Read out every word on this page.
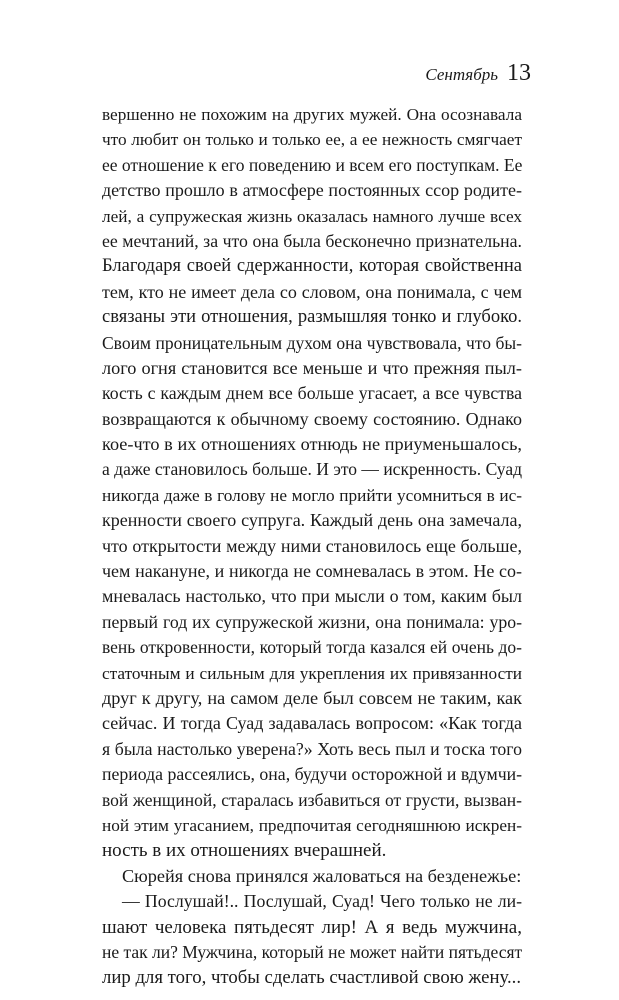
Сентябрь 13
вершенно не похожим на других мужей. Она осознавала
что любит он только и только ее, а ее нежность смягчает
ее отношение к его поведению и всем его поступкам. Ее
детство прошло в атмосфере постоянных ссор родите-
лей, а супружеская жизнь оказалась намного лучше всех
ее мечтаний, за что она была бесконечно признательна.
Благодаря своей сдержанности, которая свойственна
тем, кто не имеет дела со словом, она понимала, с чем
связаны эти отношения, размышляя тонко и глубоко.
Своим проницательным духом она чувствовала, что бы-
лого огня становится все меньше и что прежняя пыл-
кость с каждым днем все больше угасает, а все чувства
возвращаются к обычному своему состоянию. Однако
кое-что в их отношениях отнюдь не приуменьшалось,
а даже становилось больше. И это — искренность. Суад
никогда даже в голову не могло прийти усомниться в ис-
кренности своего супруга. Каждый день она замечала,
что открытости между ними становилось еще больше,
чем накануне, и никогда не сомневалась в этом. Не со-
мневалась настолько, что при мысли о том, каким был
первый год их супружеской жизни, она понимала: уро-
вень откровенности, который тогда казался ей очень до-
статочным и сильным для укрепления их привязанности
друг к другу, на самом деле был совсем не таким, как
сейчас. И тогда Суад задавалась вопросом: «Как тогда
я была настолько уверена?» Хоть весь пыл и тоска того
периода рассеялись, она, будучи осторожной и вдумчи-
вой женщиной, старалась избавиться от грусти, вызван-
ной этим угасанием, предпочитая сегодняшнюю искрен-
ность в их отношениях вчерашней.
Сюрейя снова принялся жаловаться на безденежье:
— Послушай!.. Послушай, Суад! Чего только не ли-
шают человека пятьдесят лир! А я ведь мужчина,
не так ли? Мужчина, который не может найти пятьдесят
лир для того, чтобы сделать счастливой свою жену...
